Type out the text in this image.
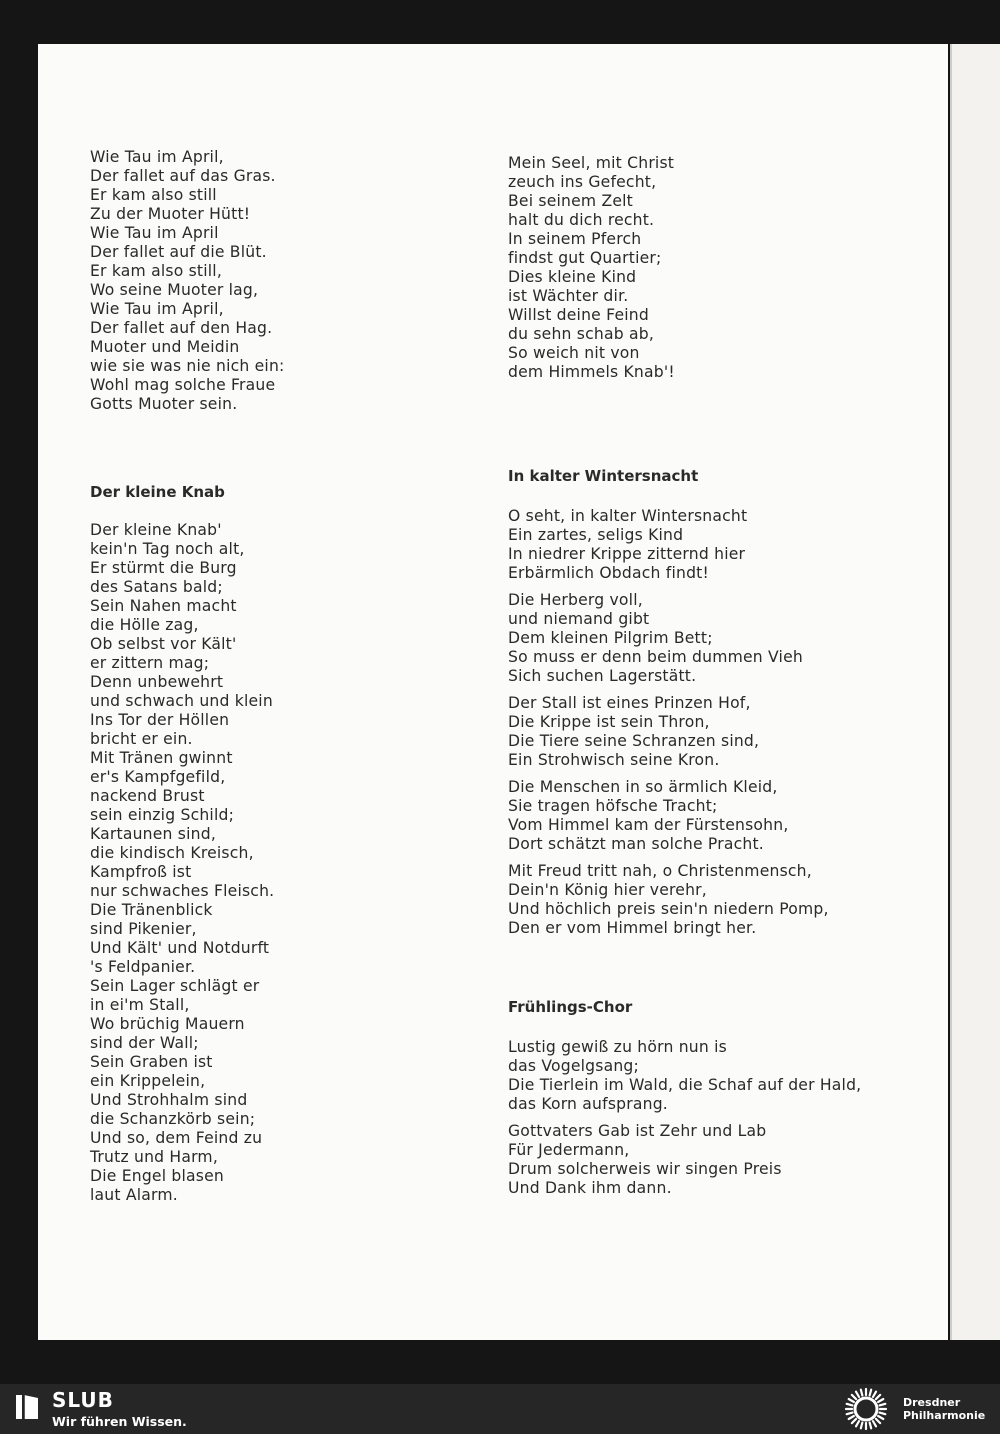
Wie Tau im April,
Der fallet auf das Gras.
Er kam also still
Zu der Muoter Hütt!
Wie Tau im April
Der fallet auf die Blüt.
Er kam also still,
Wo seine Muoter lag,
Wie Tau im April,
Der fallet auf den Hag.
Muoter und Meidin
wie sie was nie nich ein:
Wohl mag solche Fraue
Gotts Muoter sein.
Der kleine Knab
Der kleine Knab'
kein'n Tag noch alt,
Er stürmt die Burg
des Satans bald;
Sein Nahen macht
die Hölle zag,
Ob selbst vor Kält'
er zittern mag;
Denn unbewehrt
und schwach und klein
Ins Tor der Höllen
bricht er ein.
Mit Tränen gwinnt
er's Kampfgefild,
nackend Brust
sein einzig Schild;
Kartaunen sind,
die kindisch Kreisch,
Kampfroß ist
nur schwaches Fleisch.
Die Tränenblick
sind Pikenier,
Und Kält' und Notdurft
's Feldpanier.
Sein Lager schlägt er
in ei'm Stall,
Wo brüchig Mauern
sind der Wall;
Sein Graben ist
ein Krippelein,
Und Strohhalm sind
die Schanzkörb sein;
Und so, dem Feind zu
Trutz und Harm,
Die Engel blasen
laut Alarm.
Mein Seel, mit Christ
zeuch ins Gefecht,
Bei seinem Zelt
halt du dich recht.
In seinem Pferch
findst gut Quartier;
Dies kleine Kind
ist Wächter dir.
Willst deine Feind
du sehn schab ab,
So weich nit von
dem Himmels Knab'!
In kalter Wintersnacht
O seht, in kalter Wintersnacht
Ein zartes, seligs Kind
In niedrer Krippe zitternd hier
Erbärmlich Obdach findt!
Die Herberg voll,
und niemand gibt
Dem kleinen Pilgrim Bett;
So muss er denn beim dummen Vieh
Sich suchen Lagerstätt.
Der Stall ist eines Prinzen Hof,
Die Krippe ist sein Thron,
Die Tiere seine Schranzen sind,
Ein Strohwisch seine Kron.
Die Menschen in so ärmlich Kleid,
Sie tragen höfsche Tracht;
Vom Himmel kam der Fürstensohn,
Dort schätzt man solche Pracht.
Mit Freud tritt nah, o Christenmensch,
Dein'n König hier verehr,
Und höchlich preis sein'n niedern Pomp,
Den er vom Himmel bringt her.
Frühlings-Chor
Lustig gewiß zu hörn nun is
das Vogelgsang;
Die Tierlein im Wald, die Schaf auf der Hald,
das Korn aufsprang.
Gottvaters Gab ist Zehr und Lab
Für Jedermann,
Drum solcherweis wir singen Preis
Und Dank ihm dann.
SLUB
Wir führen Wissen.
Dresdner
Philharmonie
